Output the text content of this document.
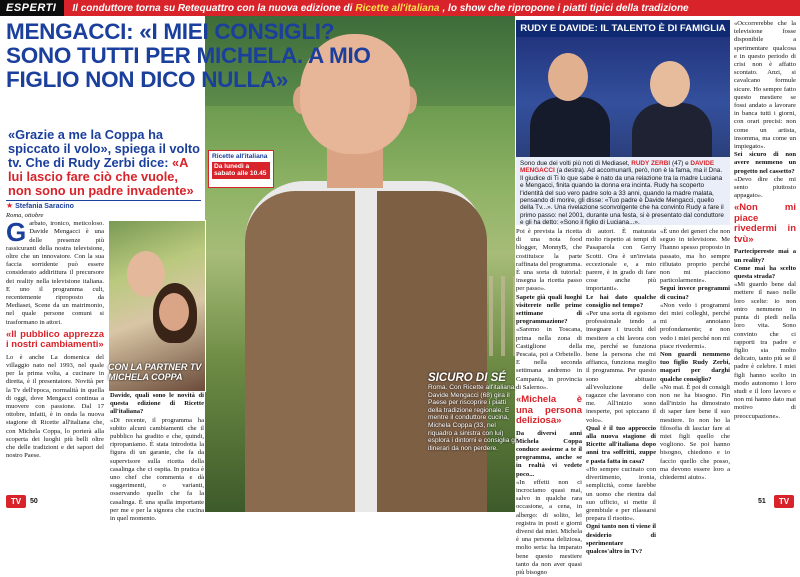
ESPERTI	Il conduttore torna su Retequattro con la nuova edizione di Ricette all'italiana , lo show che ripropone i piatti tipici della tradizione
MENGACCI: «I MIEI CONSIGLI? SONO TUTTI PER MICHELA. A MIO FIGLIO NON DICO NULLA»
«Grazie a me la Coppa ha spiccato il volo», spiega il volto tv. Che di Rudy Zerbi dice: «A lui lascio fare ciò che vuole, non sono un padre invadente»
★ Stefania Saracino
Roma, ottobre
G arbato, ironico, meticoloso. Davide Mengacci è una delle presenze più rassicuranti della nostra televisione, oltre che un innovatore. Con la sua faccia sorridente può essere considerato addirittura il precursore dei reality nella televisione italiana. E uno il programma cult, recentemente riproposto da Mediaset, Scene da un matrimonio, nel quale persone comuni si trasformano in attori.
«Il pubblico apprezza i nostri cambiamenti»
Lo è anche La domenica del villaggio nato nel 1993, nel quale per la prima volta, a cucinare in diretta, è il presentatore. Novità per la Tv dell'epoca, normalità in quella di oggi, dove Mengacci continua a muovere con passione. Dal 17 ottobre, infatti, è in onda la nuova stagione di Ricette all'italiana che, con Michela Coppa, lo porterà alla scoperta dei luoghi più belli oltre che delle tradizioni e dei sapori del nostro Paese.
CON LA PARTNER TV
MICHELA COPPA
Davide, quali sono le novità di questa edizione di Ricette all'italiana?
«Di recente, il programma ha subito alcuni cambiamenti che il pubblico ha gradito e che, quindi, ripropaniamo. È stata introdotta la figura di un garante, che fa da supervisore sulla ricetta della casalinga che ci ospita. In pratica è uno chef che commenta e dà suggerimenti, o varianti, osservando quello che fa la casalinga. È una spalla importante per me e per la signora che cucina in quel momento.
Ricette all'italiana
Da lunedì a sabato alle 10.45
SICURO DI SÉ
Roma. Con Ricette all'italiana, Davide Mengacci (68) gira il Paese per riscoprire i piatti della tradizione regionale. E mentre il conduttore cucina, Michela Coppa (33, nel riquadro a sinistra con lui) esplora i dintorni e consiglia gli itinerari da non perdere.
RUDY E DAVIDE: IL TALENTO È DI FAMIGLIA
Sono due dei volti più noti di Mediaset, RUDY ZERBI (47) e DAVIDE MENGACCI (a destra). Ad accomunarli, però, non è la fama, ma il Dna. Il giudice di Ti lo que sabe è nato da una relazione tra la madre Luciana e Mengacci, finita quando la donna era incinta. Rudy ha scoperto l'identità del suo vero padre solo a 33 anni, quando la madre malata, pensando di morire, gli disse: «Tuo padre è Davide Mengacci, quello della Tv...». Una rivelazione sconvolgente che ha convinto Rudy a fare il primo passo: nel 2001, durante una festa, si è presentato dal conduttore e gli ha detto: «Sono il figlio di Luciana...».
Poi è prevista la ricetta di una nota food blogger, MonnyB, che costituisce la parte raffinata del programma. È una sorta di tutorial: insegna la ricetta passo per passo».
Sapete già quali luoghi visiterete nelle prime settimane di programmazione?
«Saremo in Toscana, prima nella zona di Castiglione della Pescaia, poi a Orbetello. E nella seconda settimana andremo in Campania, in provincia di Salerno».
«Michela è una persona deliziosa»
Da diversi anni Michela Coppa conduce assieme a te il programma, anche se in realtà vi vedete poco...
«In effetti non ci incrociamo quasi mai, salvo in qualche rara occasione, a cena, in albergo: di solito, lei registra in posti e giorni diversi dai miei. Michela è una persona deliziosa, molto seria: ha imparato bene questo mestiere tanto da non aver quasi più bisogno
di autori. È maturata molto rispetto ai tempi di Pasaparola con Gerry Scotti. Ora è un'inviata eccezionale e, a mio parere, è in grado di fare cose anche più importanti».
Le hai dato qualche consiglio nel tempo?
«Per una sorta di egoismo professionale tendo a insegnare i trucchi del mestiere a chi lavora con me, perché se funziona bene la persona che mi affianca, funziona meglio il programma. Per questo sono abituato all'evoluzione delle ragazze che lavorano con me. All'inizio sono inesperte, poi spiccano il volo».
Qual è il tuo approccio alla nuova stagione di Ricette all'italiana dopo anni tra soffritti, zuppe e pasta fatta in casa?
«Ho sempre cucinato con divertimento, ironia, semplicità, come farebbe un uomo che rientra dal suo ufficio, si mette il grembiule e per rilassarsi prepara il risotto».
Ogni tanto non ti viene il desiderio di sperimentare qualcos'altro in Tv?
«È uno dei generi che non seguo in televisione. Me l'hanno spesso proposto in passato, ma ho sempre rifiutato proprio perché non mi piacciono particolarmente».
Segui invece programmi di cucina?
«Non vedo i programmi dei miei colleghi, perché mi annoiano profondamente; e non vedo i miei perché non mi piace rivedermi».
Non guardi nemmeno tuo figlio Rudy Zerbi, magari per darghi qualche consiglio?
«No mai. È poi di consigli non ne ha bisogno. Fin dall'inizio ha dimostrato di saper fare bene il suo mestiere. Io non ho la filosofia di lasciar fare ai miei figli quello che vogliono. Se poi hanno bisogno, chiedono e io faccio quello che posso, ma devono essere loro a chiedermi aiuto».
«Occorrerebbe che la televisione fosse disponibile a sperimentare qualcosa e in questo periodo di crisi non è affatto scontato. Anzi, si cavalcano formule sicure. Ho sempre fatto questo mestiere se fossi andato a lavorare in banca tutti i giorni, con orari precisi: non come un artista, insomma, ma come un impiegato».
Sei sicuro di non avere nemmeno un progetto nel cassetto?
«Devo dire che mi sento piuttosto appagato».
«Non mi piace rivedermi in tvù»
Partecipereste mai a un reality?
Come mai ha scelto questa strada?
«Mi guardo bene dal mettere il naso nelle loro scelte: io non entro nemmeno in punta di piedi nella loro vita. Sono convinto che ci rapporti tra padre e figlio sia molto delicato, tanto più se il padre è celebre. I miei figli hanno scelto in modo autonomo i loro studi e il loro lavoro e non mi hanno dato mai motivo di preoccupazione».
TV	50	51	TV
